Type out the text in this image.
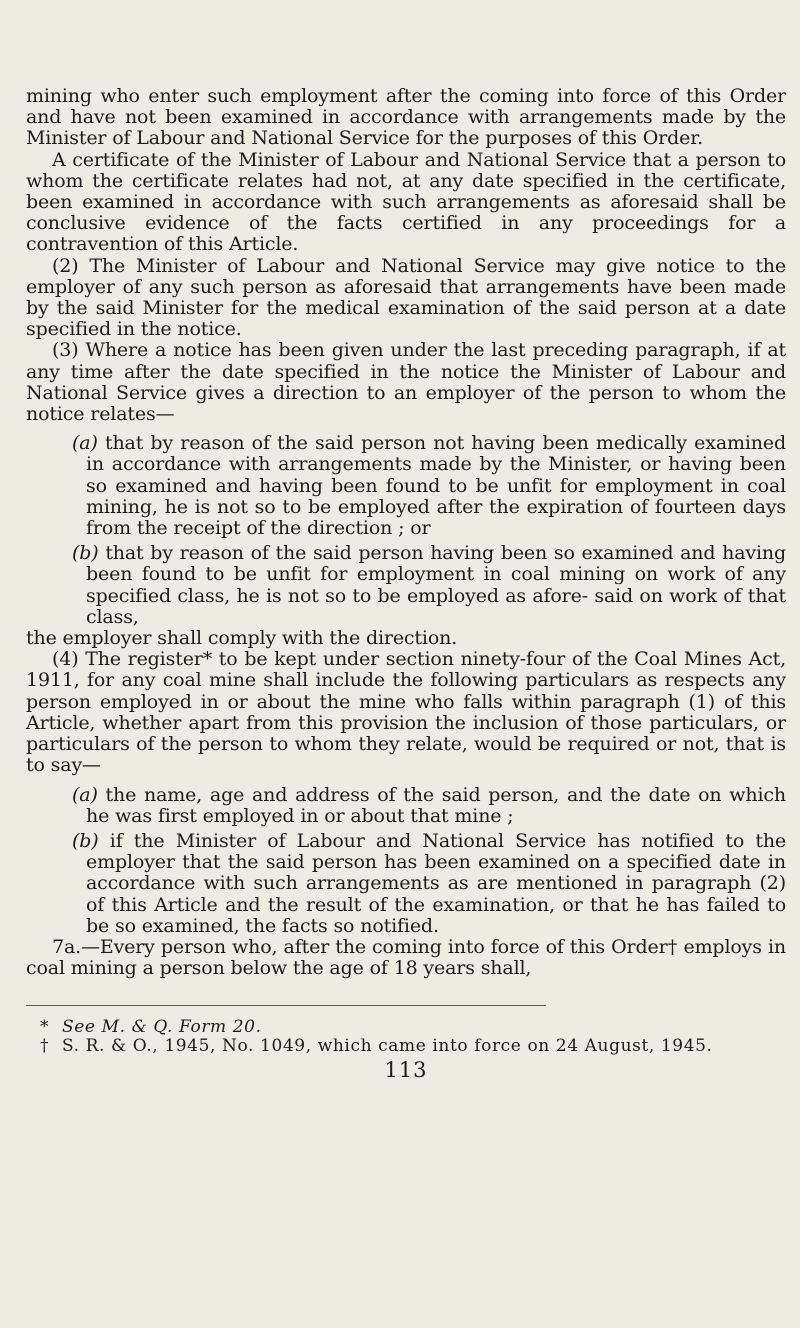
mining who enter such employment after the coming into force of this Order and have not been examined in accordance with arrangements made by the Minister of Labour and National Service for the purposes of this Order.

A certificate of the Minister of Labour and National Service that a person to whom the certificate relates had not, at any date specified in the certificate, been examined in accordance with such arrangements as aforesaid shall be conclusive evidence of the facts certified in any proceedings for a contravention of this Article.

(2) The Minister of Labour and National Service may give notice to the employer of any such person as aforesaid that arrangements have been made by the said Minister for the medical examination of the said person at a date specified in the notice.

(3) Where a notice has been given under the last preceding paragraph, if at any time after the date specified in the notice the Minister of Labour and National Service gives a direction to an employer of the person to whom the notice relates—

(a) that by reason of the said person not having been medically examined in accordance with arrangements made by the Minister, or having been so examined and having been found to be unfit for employment in coal mining, he is not so to be employed after the expiration of fourteen days from the receipt of the direction ; or

(b) that by reason of the said person having been so examined and having been found to be unfit for employment in coal mining on work of any specified class, he is not so to be employed as afore- said on work of that class,

the employer shall comply with the direction.

(4) The register* to be kept under section ninety-four of the Coal Mines Act, 1911, for any coal mine shall include the following particulars as respects any person employed in or about the mine who falls within paragraph (1) of this Article, whether apart from this provision the inclusion of those particulars, or particulars of the person to whom they relate, would be required or not, that is to say—

(a) the name, age and address of the said person, and the date on which he was first employed in or about that mine ;

(b) if the Minister of Labour and National Service has notified to the employer that the said person has been examined on a specified date in accordance with such arrangements as are mentioned in paragraph (2) of this Article and the result of the examination, or that he has failed to be so examined, the facts so notified.

7a.—Every person who, after the coming into force of this Order† employs in coal mining a person below the age of 18 years shall,

* See M. & Q. Form 20.

† S. R. & O., 1945, No. 1049, which came into force on 24 August, 1945.

113
